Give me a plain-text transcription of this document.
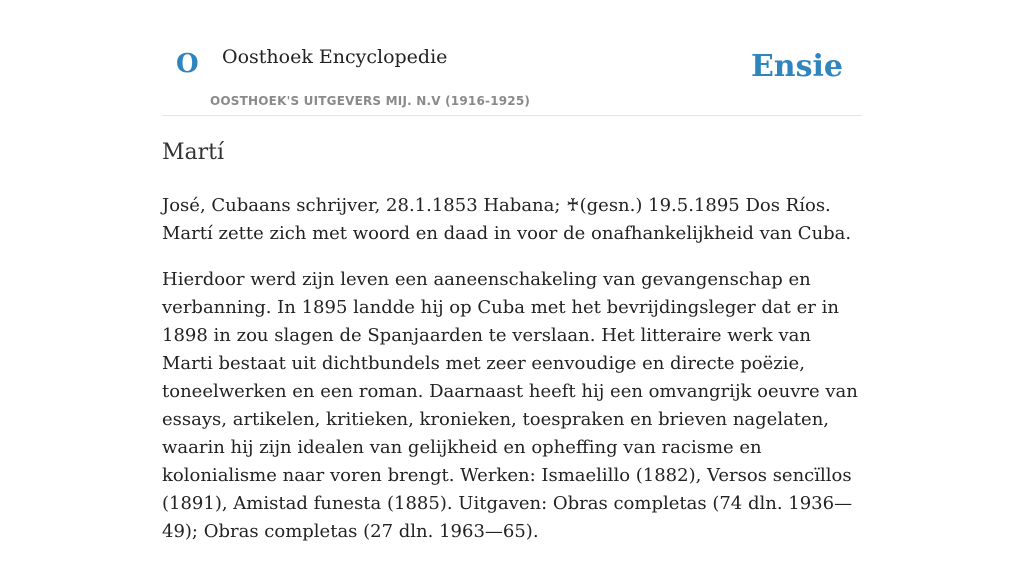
O Oosthoek Encyclopedie
OOSTHOEK'S UITGEVERS MIJ. N.V (1916-1925)
Ensie
Martí

José, Cubaans schrijver, 28.1.1853 Habana; ♰(gesn.) 19.5.1895 Dos Ríos. Martí zette zich met woord en daad in voor de onafhankelijkheid van Cuba.

Hierdoor werd zijn leven een aaneenschakeling van gevangenschap en verbanning. In 1895 landde hij op Cuba met het bevrijdingsleger dat er in 1898 in zou slagen de Spanjaarden te verslaan. Het litteraire werk van Marti bestaat uit dichtbundels met zeer eenvoudige en directe poëzie, toneelwerken en een roman. Daarnaast heeft hij een omvangrijk oeuvre van essays, artikelen, kritieken, kronieken, toespraken en brieven nagelaten, waarin hij zijn idealen van gelijkheid en opheffing van racisme en kolonialisme naar voren brengt. Werken: Ismaelillo (1882), Versos sencïllos (1891), Amistad funesta (1885). Uitgaven: Obras completas (74 dln. 1936—49); Obras completas (27 dln. 1963—65).
